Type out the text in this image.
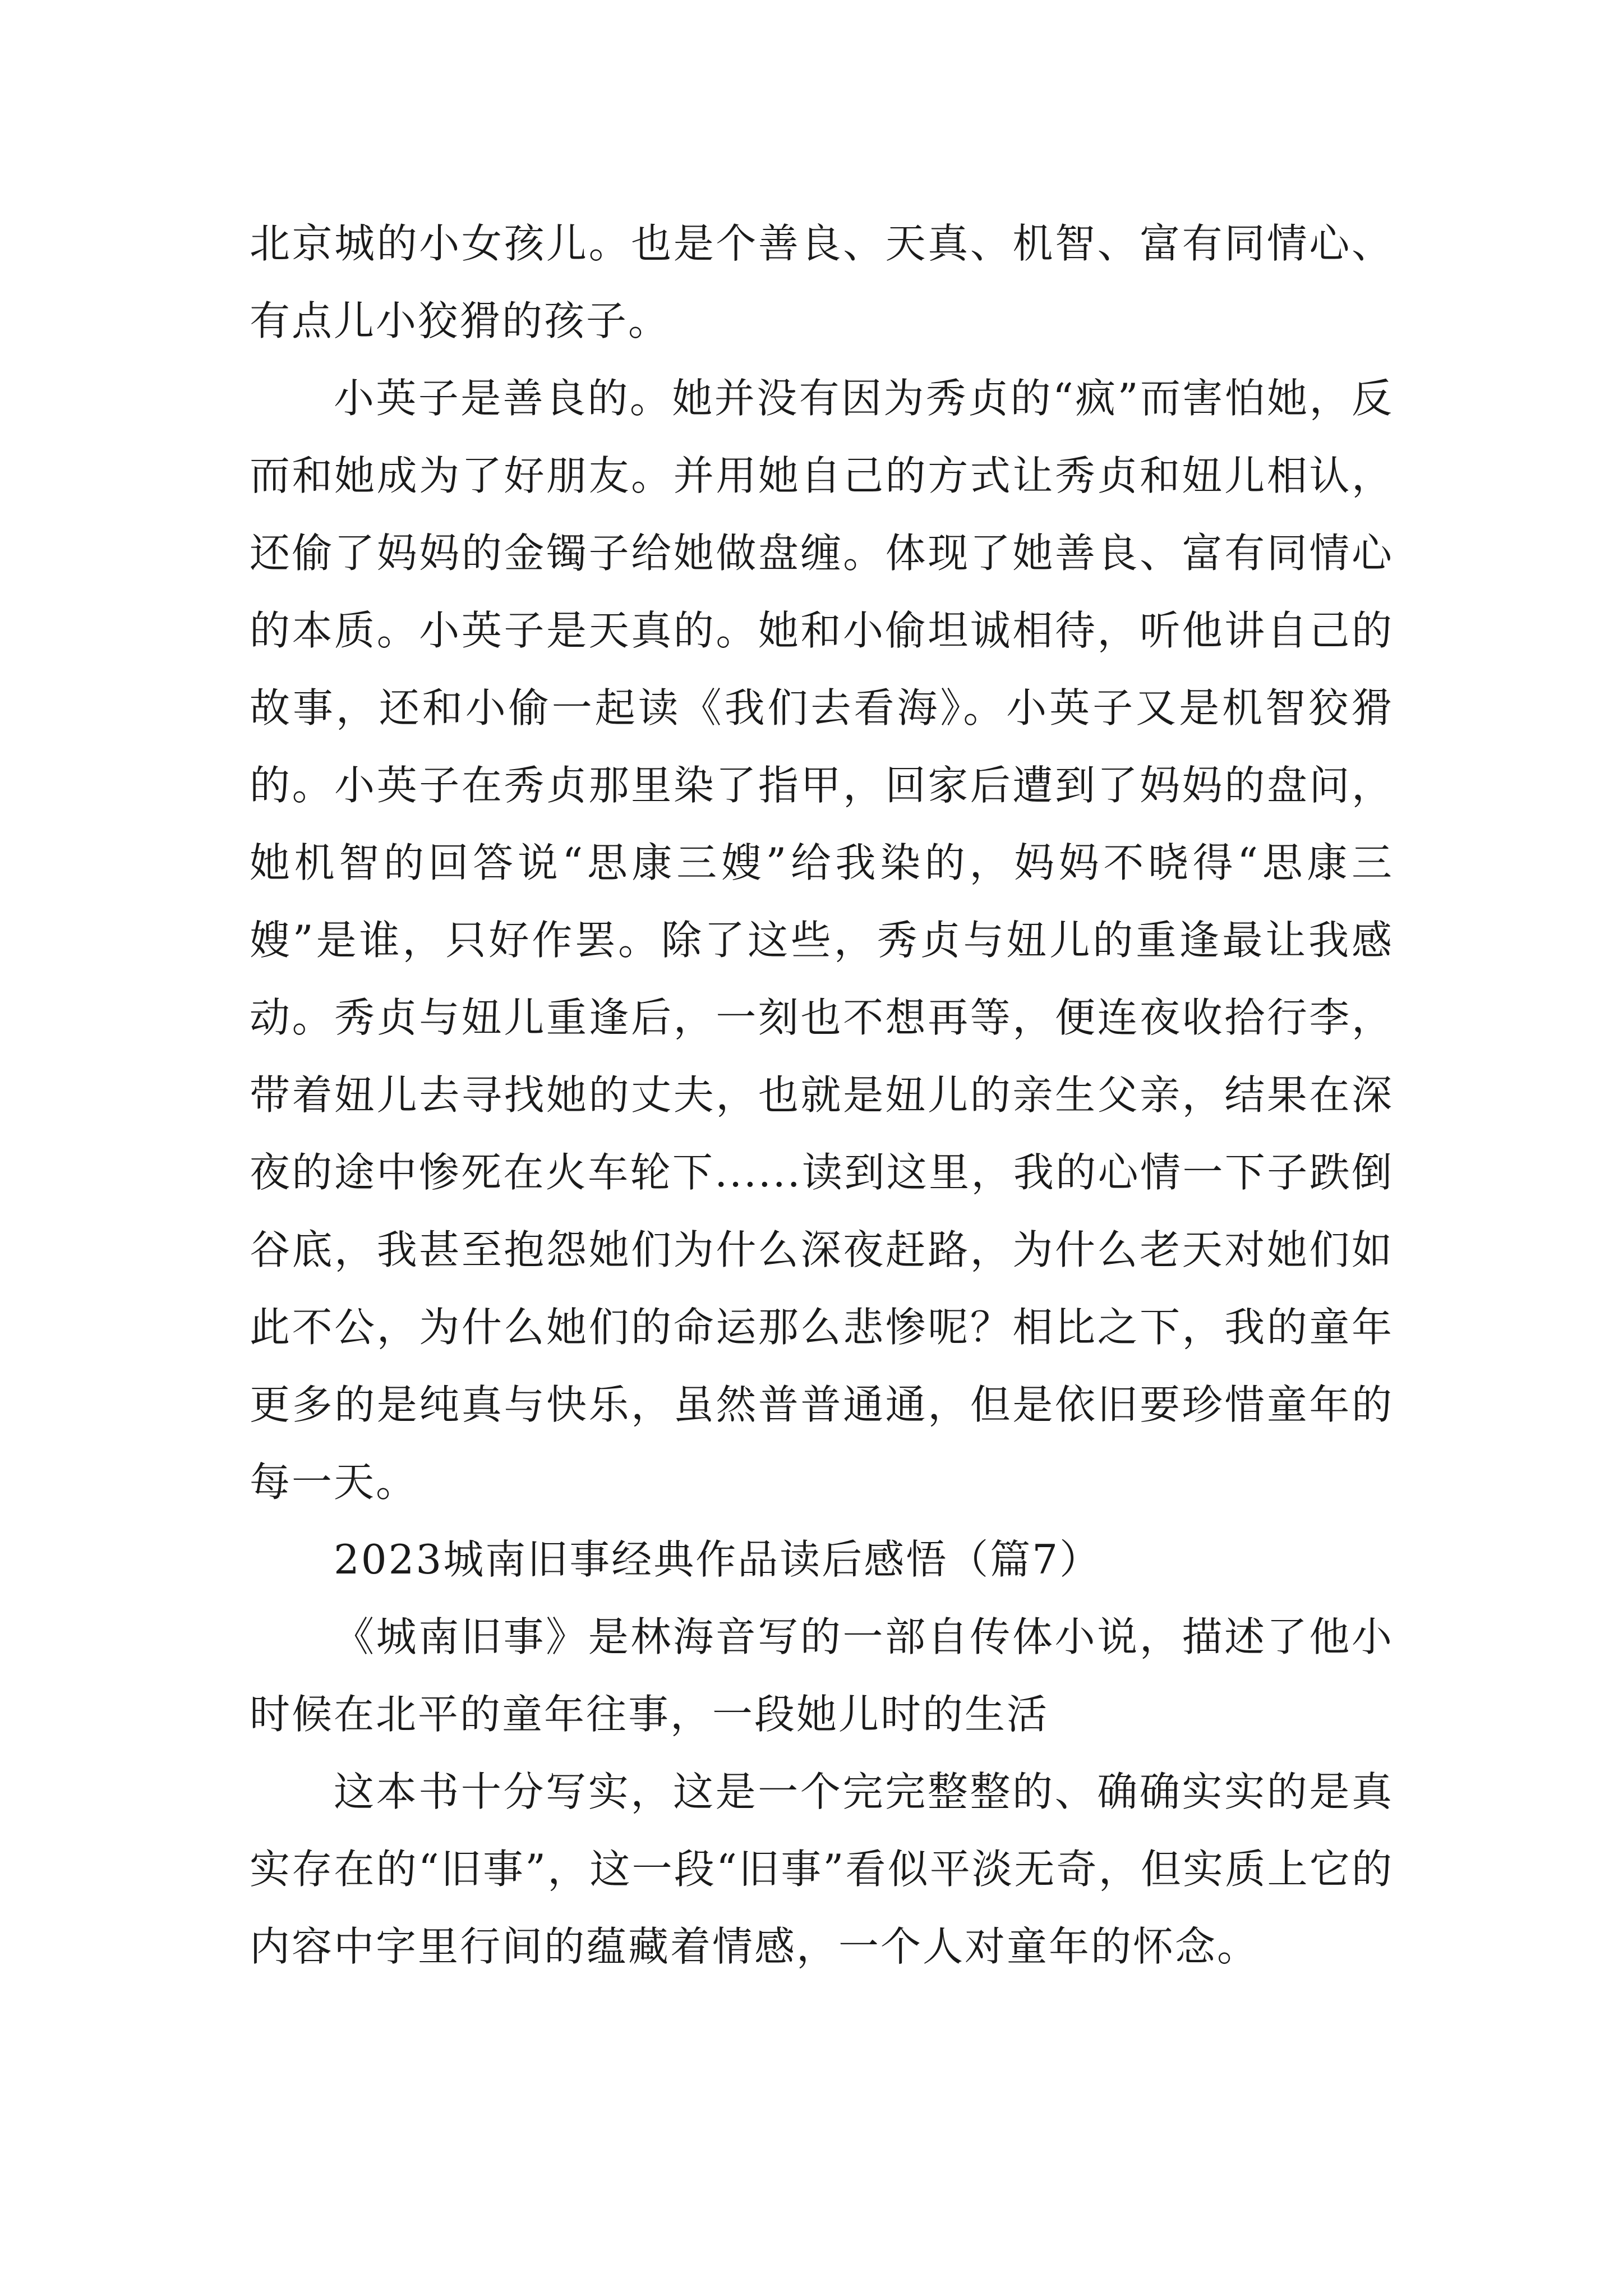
北京城的小女孩儿。也是个善良、天真、机智、富有同情心、有点儿小狡猾的孩子。

小英子是善良的。她并没有因为秀贞的“疯”而害怕她，反而和她成为了好朋友。并用她自己的方式让秀贞和妞儿相认，还偷了妈妈的金镯子给她做盘缠。体现了她善良、富有同情心的本质。小英子是天真的。她和小偷坦诚相待，听他讲自己的故事，还和小偷一起读《我们去看海》。小英子又是机智狡猾的。小英子在秀贞那里染了指甲，回家后遭到了妈妈的盘问，她机智的回答说“思康三嫂”给我染的，妈妈不晓得“思康三嫂”是谁，只好作罢。除了这些，秀贞与妞儿的重逢最让我感动。秀贞与妞儿重逢后，一刻也不想再等，便连夜收拾行李，带着妞儿去寻找她的丈夫，也就是妞儿的亲生父亲，结果在深夜的途中惨死在火车轮下......读到这里，我的心情一下子跌倒谷底，我甚至抱怨她们为什么深夜赶路，为什么老天对她们如此不公，为什么她们的命运那么悲惨呢？相比之下，我的童年更多的是纯真与快乐，虽然普普通通，但是依旧要珍惜童年的每一天。

2023城南旧事经典作品读后感悟（篇7）

《城南旧事》是林海音写的一部自传体小说，描述了他小时候在北平的童年往事，一段她儿时的生活

这本书十分写实，这是一个完完整整的、确确实实的是真实存在的“旧事”，这一段“旧事”看似平淡无奇，但实质上它的内容中字里行间的蕴藏着情感，一个人对童年的怀念。
